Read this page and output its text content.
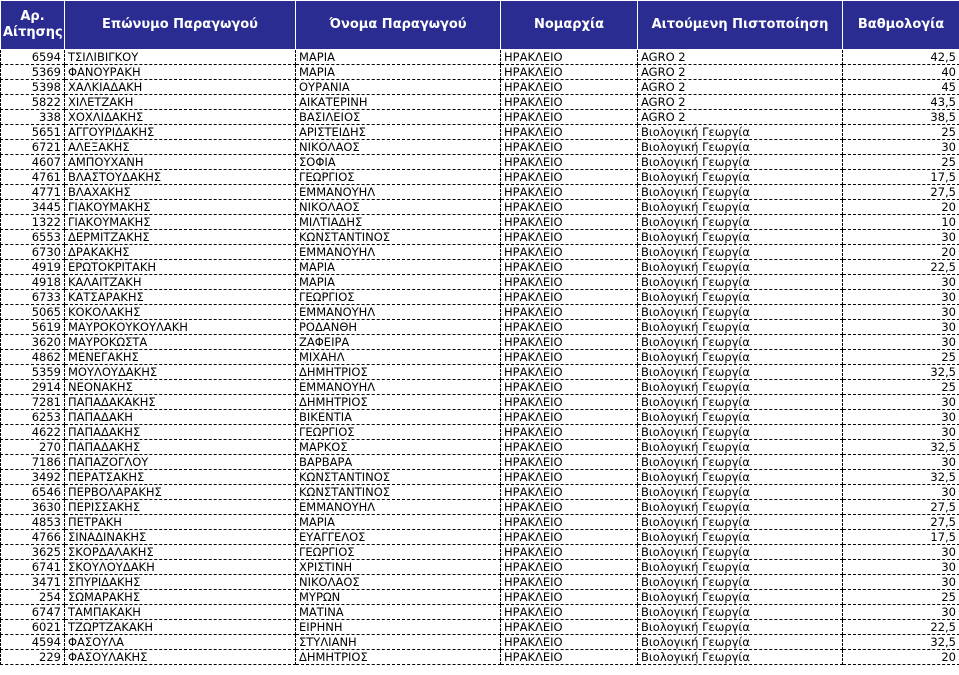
Αρ. Αίτησης	Επώνυμο Παραγωγού	Όνομα Παραγωγού	Νομαρχία	Αιτούμενη Πιστοποίηση	Βαθμολογία
6594	ΤΣΙΛΙΒΙΓΚΟΥ	ΜΑΡΙΑ	ΗΡΑΚΛΕΙΟ	AGRO 2	42,5
5369	ΦΑΝΟΥΡΑΚΗ	ΜΑΡΙΑ	ΗΡΑΚΛΕΙΟ	AGRO 2	40
5398	ΧΑΛΚΙΑΔΑΚΗ	ΟΥΡΑΝΙΑ	ΗΡΑΚΛΕΙΟ	AGRO 2	45
5822	ΧΙΛΕΤΖΑΚΗ	ΑΙΚΑΤΕΡΙΝΗ	ΗΡΑΚΛΕΙΟ	AGRO 2	43,5
338	ΧΟΧΛΙΔΑΚΗΣ	ΒΑΣΙΛΕΙΟΣ	ΗΡΑΚΛΕΙΟ	AGRO 2	38,5
5651	ΑΓΓΟΥΡΙΔΑΚΗΣ	ΑΡΙΣΤΕΙΔΗΣ	ΗΡΑΚΛΕΙΟ	Βιολογική Γεωργία	25
6721	ΑΛΕΞΑΚΗΣ	ΝΙΚΟΛΑΟΣ	ΗΡΑΚΛΕΙΟ	Βιολογική Γεωργία	30
4607	ΑΜΠΟΥΧΑΝΗ	ΣΟΦΙΑ	ΗΡΑΚΛΕΙΟ	Βιολογική Γεωργία	25
4761	ΒΛΑΣΤΟΥΔΑΚΗΣ	ΓΕΩΡΓΙΟΣ	ΗΡΑΚΛΕΙΟ	Βιολογική Γεωργία	17,5
4771	ΒΛΑΧΑΚΗΣ	ΕΜΜΑΝΟΥΗΛ	ΗΡΑΚΛΕΙΟ	Βιολογική Γεωργία	27,5
3445	ΓΙΑΚΟΥΜΑΚΗΣ	ΝΙΚΟΛΑΟΣ	ΗΡΑΚΛΕΙΟ	Βιολογική Γεωργία	20
1322	ΓΙΑΚΟΥΜΑΚΗΣ	ΜΙΛΤΙΑΔΗΣ	ΗΡΑΚΛΕΙΟ	Βιολογική Γεωργία	10
6553	ΔΕΡΜΙΤΖΑΚΗΣ	ΚΩΝΣΤΑΝΤΙΝΟΣ	ΗΡΑΚΛΕΙΟ	Βιολογική Γεωργία	30
6730	ΔΡΑΚΑΚΗΣ	ΕΜΜΑΝΟΥΗΛ	ΗΡΑΚΛΕΙΟ	Βιολογική Γεωργία	20
4919	ΕΡΩΤΟΚΡΙΤΑΚΗ	ΜΑΡΙΑ	ΗΡΑΚΛΕΙΟ	Βιολογική Γεωργία	22,5
4918	ΚΑΛΑΙΤΖΑΚΗ	ΜΑΡΙΑ	ΗΡΑΚΛΕΙΟ	Βιολογική Γεωργία	30
6733	ΚΑΤΣΑΡΑΚΗΣ	ΓΕΩΡΓΙΟΣ	ΗΡΑΚΛΕΙΟ	Βιολογική Γεωργία	30
5065	ΚΟΚΟΛΑΚΗΣ	ΕΜΜΑΝΟΥΗΛ	ΗΡΑΚΛΕΙΟ	Βιολογική Γεωργία	30
5619	ΜΑΥΡΟΚΟΥΚΟΥΛΑΚΗ	ΡΟΔΑΝΘΗ	ΗΡΑΚΛΕΙΟ	Βιολογική Γεωργία	30
3620	ΜΑΥΡΟΚΩΣΤΑ	ΖΑΦΕΙΡΑ	ΗΡΑΚΛΕΙΟ	Βιολογική Γεωργία	30
4862	ΜΕΝΕΓΑΚΗΣ	ΜΙΧΑΗΛ	ΗΡΑΚΛΕΙΟ	Βιολογική Γεωργία	25
5359	ΜΟΥΛΟΥΔΑΚΗΣ	ΔΗΜΗΤΡΙΟΣ	ΗΡΑΚΛΕΙΟ	Βιολογική Γεωργία	32,5
2914	ΝΕΟΝΑΚΗΣ	ΕΜΜΑΝΟΥΗΛ	ΗΡΑΚΛΕΙΟ	Βιολογική Γεωργία	25
7281	ΠΑΠΑΔΑΚΑΚΗΣ	ΔΗΜΗΤΡΙΟΣ	ΗΡΑΚΛΕΙΟ	Βιολογική Γεωργία	30
6253	ΠΑΠΑΔΑΚΗ	ΒΙΚΕΝΤΙΑ	ΗΡΑΚΛΕΙΟ	Βιολογική Γεωργία	30
4622	ΠΑΠΑΔΑΚΗΣ	ΓΕΩΡΓΙΟΣ	ΗΡΑΚΛΕΙΟ	Βιολογική Γεωργία	30
270	ΠΑΠΑΔΑΚΗΣ	ΜΑΡΚΟΣ	ΗΡΑΚΛΕΙΟ	Βιολογική Γεωργία	32,5
7186	ΠΑΠΑΖΟΓΛΟΥ	ΒΑΡΒΑΡΑ	ΗΡΑΚΛΕΙΟ	Βιολογική Γεωργία	30
3492	ΠΕΡΑΤΣΑΚΗΣ	ΚΩΝΣΤΑΝΤΙΝΟΣ	ΗΡΑΚΛΕΙΟ	Βιολογική Γεωργία	32,5
6546	ΠΕΡΒΟΛΑΡΑΚΗΣ	ΚΩΝΣΤΑΝΤΙΝΟΣ	ΗΡΑΚΛΕΙΟ	Βιολογική Γεωργία	30
3630	ΠΕΡΙΣΣΑΚΗΣ	ΕΜΜΑΝΟΥΗΛ	ΗΡΑΚΛΕΙΟ	Βιολογική Γεωργία	27,5
4853	ΠΕΤΡΑΚΗ	ΜΑΡΙΑ	ΗΡΑΚΛΕΙΟ	Βιολογική Γεωργία	27,5
4766	ΣΙΝΑΔΙΝΑΚΗΣ	ΕΥΑΓΓΕΛΟΣ	ΗΡΑΚΛΕΙΟ	Βιολογική Γεωργία	17,5
3625	ΣΚΟΡΔΑΛΑΚΗΣ	ΓΕΩΡΓΙΟΣ	ΗΡΑΚΛΕΙΟ	Βιολογική Γεωργία	30
6741	ΣΚΟΥΛΟΥΔΑΚΗ	ΧΡΙΣΤΙΝΗ	ΗΡΑΚΛΕΙΟ	Βιολογική Γεωργία	30
3471	ΣΠΥΡΙΔΑΚΗΣ	ΝΙΚΟΛΑΟΣ	ΗΡΑΚΛΕΙΟ	Βιολογική Γεωργία	30
254	ΣΩΜΑΡΑΚΗΣ	ΜΥΡΩΝ	ΗΡΑΚΛΕΙΟ	Βιολογική Γεωργία	25
6747	ΤΑΜΠΑΚΑΚΗ	ΜΑΤΙΝΑ	ΗΡΑΚΛΕΙΟ	Βιολογική Γεωργία	30
6021	ΤΖΩΡΤΖΑΚΑΚΗ	ΕΙΡΗΝΗ	ΗΡΑΚΛΕΙΟ	Βιολογική Γεωργία	22,5
4594	ΦΑΣΟΥΛΑ	ΣΤΥΛΙΑΝΗ	ΗΡΑΚΛΕΙΟ	Βιολογική Γεωργία	32,5
229	ΦΑΣΟΥΛΑΚΗΣ	ΔΗΜΗΤΡΙΟΣ	ΗΡΑΚΛΕΙΟ	Βιολογική Γεωργία	20
